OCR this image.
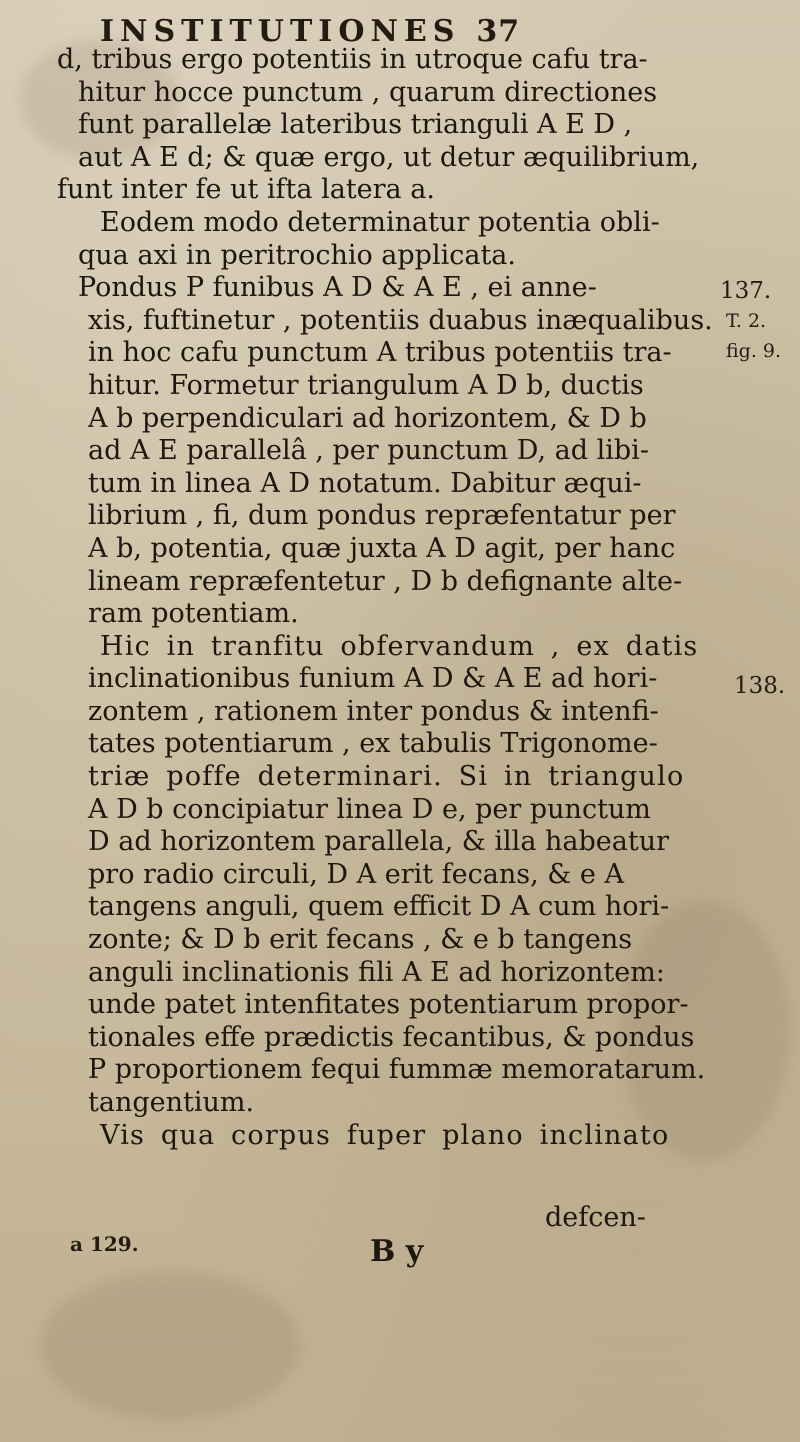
INSTITUTIONES 37
d, tribus ergo potentiis in utroque cafu tra-
hitur hocce punctum , quarum directiones
funt parallelæ lateribus trianguli A E D ,
aut A E d; & quæ ergo, ut detur æquilibrium,
funt inter fe ut ifta latera a.
Eodem modo determinatur potentia obli-
qua axi in peritrochio applicata.
Pondus P funibus A D & A E , ei anne-
xis, fuftinetur , potentiis duabus inæqualibus.
in hoc cafu punctum A tribus potentiis tra-
hitur. Formetur triangulum A D b, ductis
A b perpendiculari ad horizontem, & D b
ad A E parallelâ , per punctum D, ad libi-
tum in linea A D notatum. Dabitur æqui-
librium , fi, dum pondus repræfentatur per
A b, potentia, quæ juxta A D agit, per hanc
lineam repræfentetur , D b defignante alte-
ram potentiam.
Hic in tranfitu obfervandum , ex datis
inclinationibus funium A D & A E ad hori-
zontem , rationem inter pondus & intenfi-
tates potentiarum , ex tabulis Trigonome-
triæ poffe determinari. Si in triangulo
A D b concipiatur linea D e, per punctum
D ad horizontem parallela, & illa habeatur
pro radio circuli, D A erit fecans, & e A
tangens anguli, quem efficit D A cum hori-
zonte; & D b erit fecans , & e b tangens
anguli inclinationis fili A E ad horizontem:
unde patet intenfitates potentiarum propor-
tionales effe prædictis fecantibus, & pondus
P proportionem fequi fummæ memoratarum.
tangentium.
Vis qua corpus fuper plano inclinato
137.
T. 2.
fig. 9.
138.
defcen-
a 129.	B y
